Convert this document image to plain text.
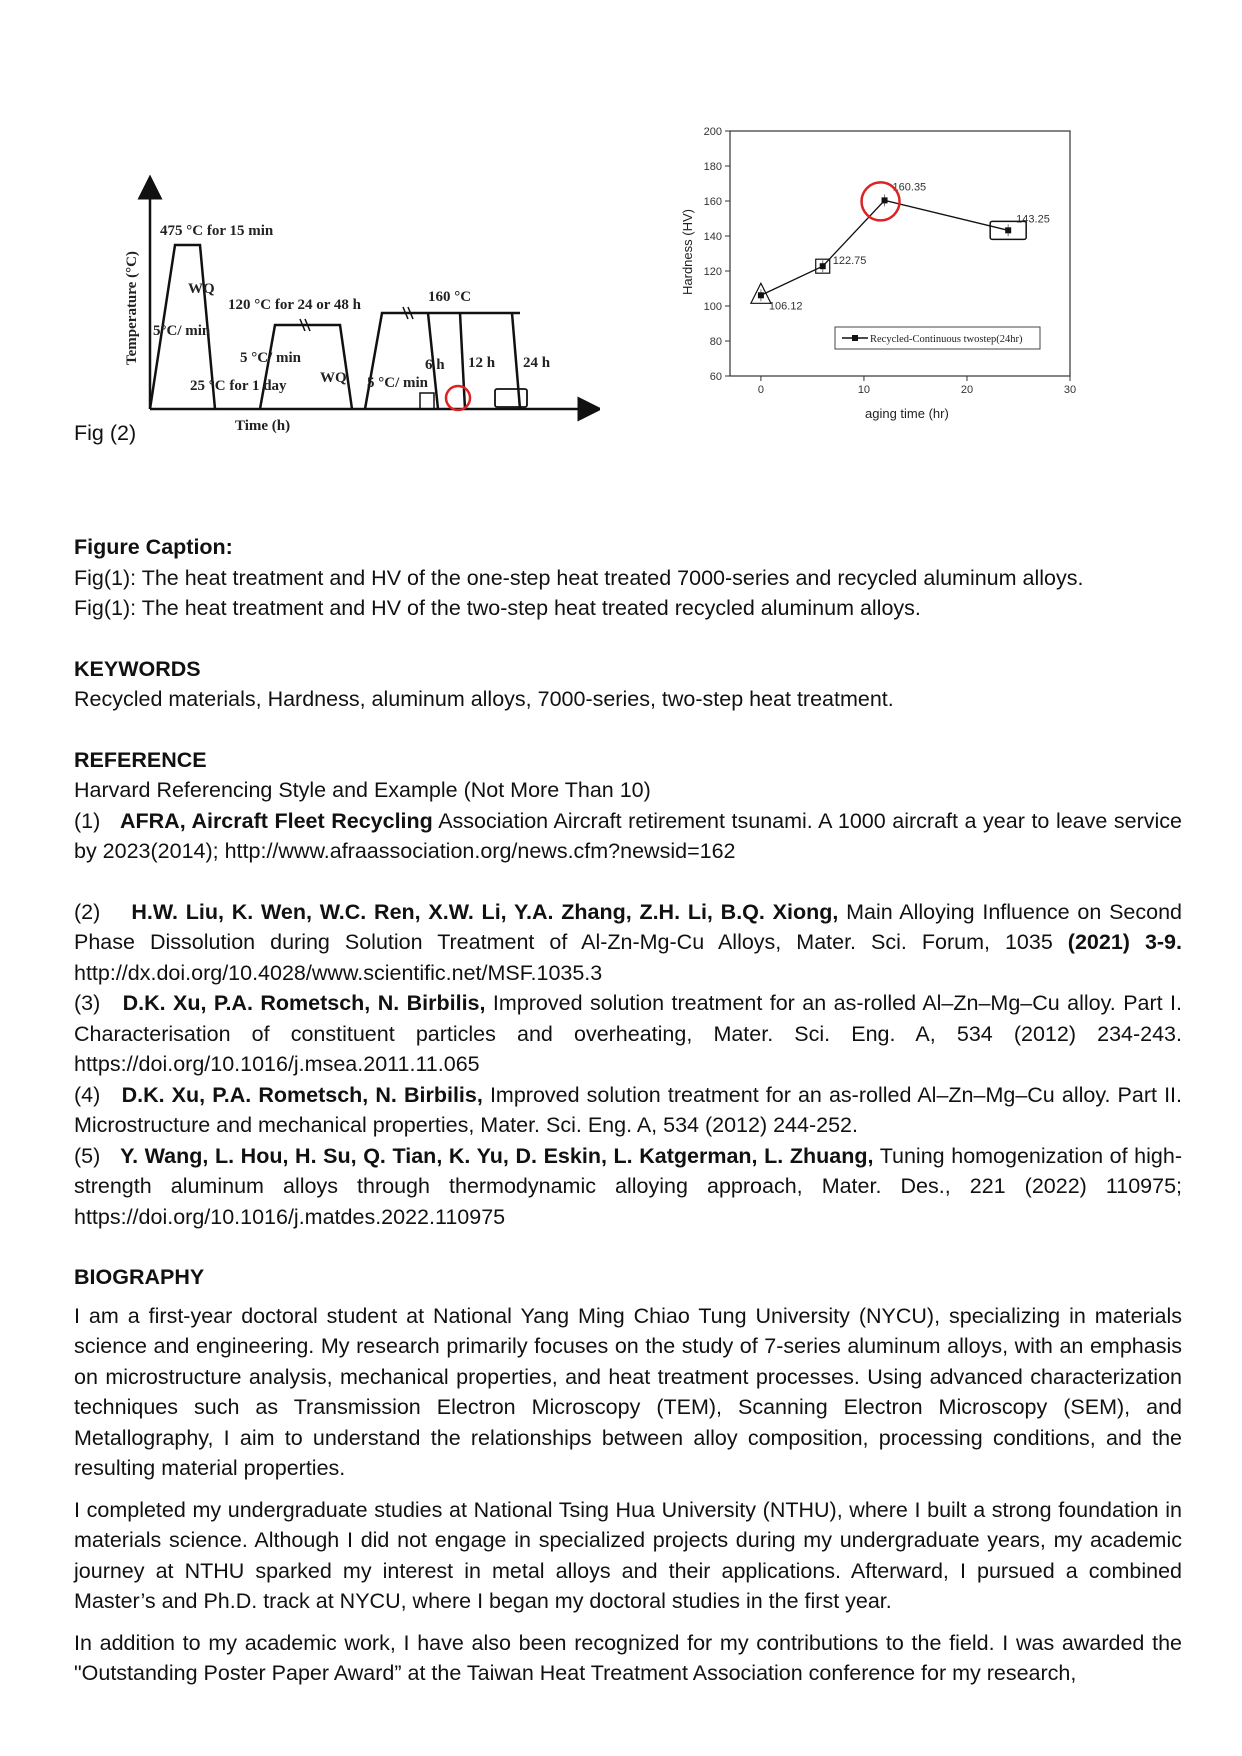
Temperature (°C)
Time (h)
475 °C for 15 min
WQ
5°C/ min
120 °C for 24 or 48 h
5 °C/ min
25 °C for 1 day WQ
160 °C
5 °C/ min
6 h 12 h 24 h
60
80
100
120
140
160
180
200
0	10	20	30
Hardness (HV)
aging time (hr)
106.12
122.75
160.35
143.25
Recycled-Continuous twostep(24hr)

Fig (2)

Figure Caption:

Fig(1): The heat treatment and HV of the one-step heat treated 7000-series and recycled aluminum alloys.

Fig(1): The heat treatment and HV of the two-step heat treated recycled aluminum alloys.

KEYWORDS

Recycled materials, Hardness, aluminum alloys, 7000-series, two-step heat treatment.

REFERENCE

Harvard Referencing Style and Example (Not More Than 10)

(1) AFRA, Aircraft Fleet Recycling Association Aircraft retirement tsunami. A 1000 aircraft a year to leave service by 2023(2014); http://www.afraassociation.org/news.cfm?newsid=162

(2) H.W. Liu, K. Wen, W.C. Ren, X.W. Li, Y.A. Zhang, Z.H. Li, B.Q. Xiong, Main Alloying Influence on Second Phase Dissolution during Solution Treatment of Al-Zn-Mg-Cu Alloys, Mater. Sci. Forum, 1035 (2021) 3-9. http://dx.doi.org/10.4028/www.scientific.net/MSF.1035.3

(3) D.K. Xu, P.A. Rometsch, N. Birbilis, Improved solution treatment for an as-rolled Al–Zn–Mg–Cu alloy. Part I. Characterisation of constituent particles and overheating, Mater. Sci. Eng. A, 534 (2012) 234-243. https://doi.org/10.1016/j.msea.2011.11.065

(4) D.K. Xu, P.A. Rometsch, N. Birbilis, Improved solution treatment for an as-rolled Al–Zn–Mg–Cu alloy. Part II. Microstructure and mechanical properties, Mater. Sci. Eng. A, 534 (2012) 244-252.

(5) Y. Wang, L. Hou, H. Su, Q. Tian, K. Yu, D. Eskin, L. Katgerman, L. Zhuang, Tuning homogenization of high-strength aluminum alloys through thermodynamic alloying approach, Mater. Des., 221 (2022) 110975; https://doi.org/10.1016/j.matdes.2022.110975

BIOGRAPHY

I am a first-year doctoral student at National Yang Ming Chiao Tung University (NYCU), specializing in materials science and engineering. My research primarily focuses on the study of 7-series aluminum alloys, with an emphasis on microstructure analysis, mechanical properties, and heat treatment processes. Using advanced characterization techniques such as Transmission Electron Microscopy (TEM), Scanning Electron Microscopy (SEM), and Metallography, I aim to understand the relationships between alloy composition, processing conditions, and the resulting material properties.

I completed my undergraduate studies at National Tsing Hua University (NTHU), where I built a strong foundation in materials science. Although I did not engage in specialized projects during my undergraduate years, my academic journey at NTHU sparked my interest in metal alloys and their applications. Afterward, I pursued a combined Master’s and Ph.D. track at NYCU, where I began my doctoral studies in the first year.

In addition to my academic work, I have also been recognized for my contributions to the field. I was awarded the "Outstanding Poster Paper Award” at the Taiwan Heat Treatment Association conference for my research,
